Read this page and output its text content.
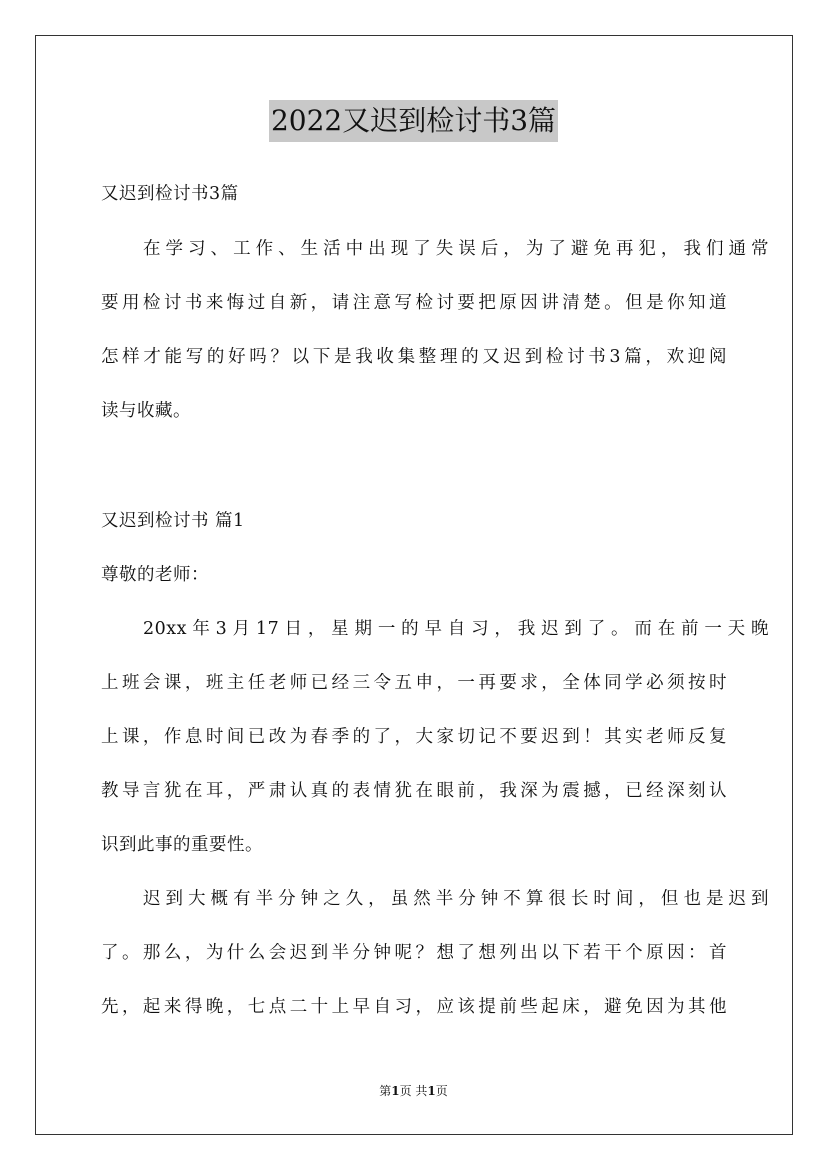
2022又迟到检讨书3篇
又迟到检讨书3篇
在学习、工作、生活中出现了失误后，为了避免再犯，我们通常
要用检讨书来悔过自新，请注意写检讨要把原因讲清楚。但是你知道
怎样才能写的好吗？以下是我收集整理的又迟到检讨书3篇，欢迎阅
读与收藏。
又迟到检讨书 篇1
尊敬的老师：
20xx年3月17日，星期一的早自习，我迟到了。而在前一天晚
上班会课，班主任老师已经三令五申，一再要求，全体同学必须按时
上课，作息时间已改为春季的了，大家切记不要迟到！其实老师反复
教导言犹在耳，严肃认真的表情犹在眼前，我深为震撼，已经深刻认
识到此事的重要性。
迟到大概有半分钟之久，虽然半分钟不算很长时间，但也是迟到
了。那么，为什么会迟到半分钟呢？想了想列出以下若干个原因：首
先，起来得晚，七点二十上早自习，应该提前些起床，避免因为其他
第1页 共1页
